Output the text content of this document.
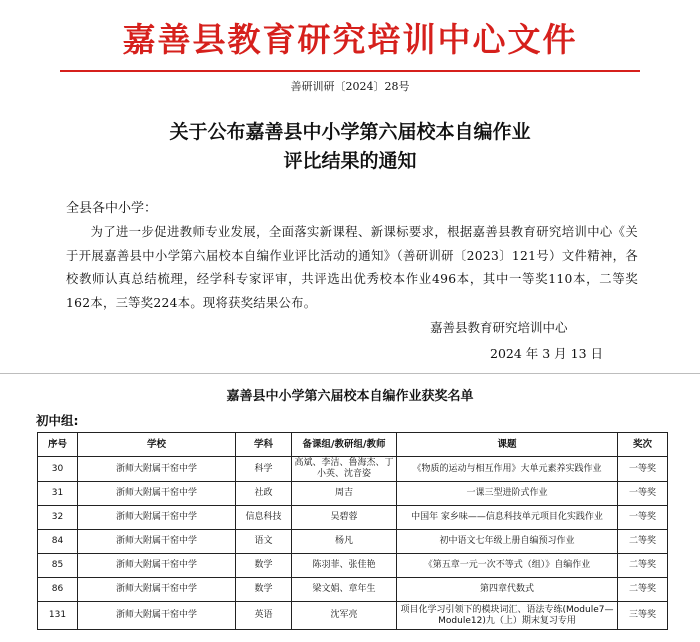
嘉善县教育研究培训中心文件
善研训研〔2024〕28号
关于公布嘉善县中小学第六届校本自编作业
评比结果的通知
全县各中小学：
为了进一步促进教师专业发展，全面落实新课程、新课标要求，根据嘉善县教育研究培训中心《关于开展嘉善县中小学第六届校本自编作业评比活动的通知》（善研训研〔2023〕121号）文件精神，各校教师认真总结梳理，经学科专家评审，共评选出优秀校本作业496本，其中一等奖110本，二等奖162本，三等奖224本。现将获奖结果公布。
嘉善县教育研究培训中心
2024 年 3 月 13 日
嘉善县中小学第六届校本自编作业获奖名单
初中组:
序号	学校	学科	备课组/教研组/教师	课题	奖次
30	浙师大附属干窑中学	科学	高斌、李洁、鲁海杰、丁小英、沈音姿	《物质的运动与相互作用》大单元素养实践作业	一等奖
31	浙师大附属干窑中学	社政	周吉	一课三型进阶式作业	一等奖
32	浙师大附属干窑中学	信息科技	吴碧蓉	中国年 家乡味——信息科技单元项目化实践作业	一等奖
84	浙师大附属干窑中学	语文	杨凡	初中语文七年级上册自编预习作业	二等奖
85	浙师大附属干窑中学	数学	陈羽菲、张佳艳	《第五章一元一次不等式（组）》自编作业	二等奖
86	浙师大附属干窑中学	数学	梁文娟、章年生	第四章代数式	二等奖
131	浙师大附属干窑中学	英语	沈军亮	项目化学习引领下的模块词汇、语法专练(Module7—Module12)九（上）期末复习专用	三等奖
